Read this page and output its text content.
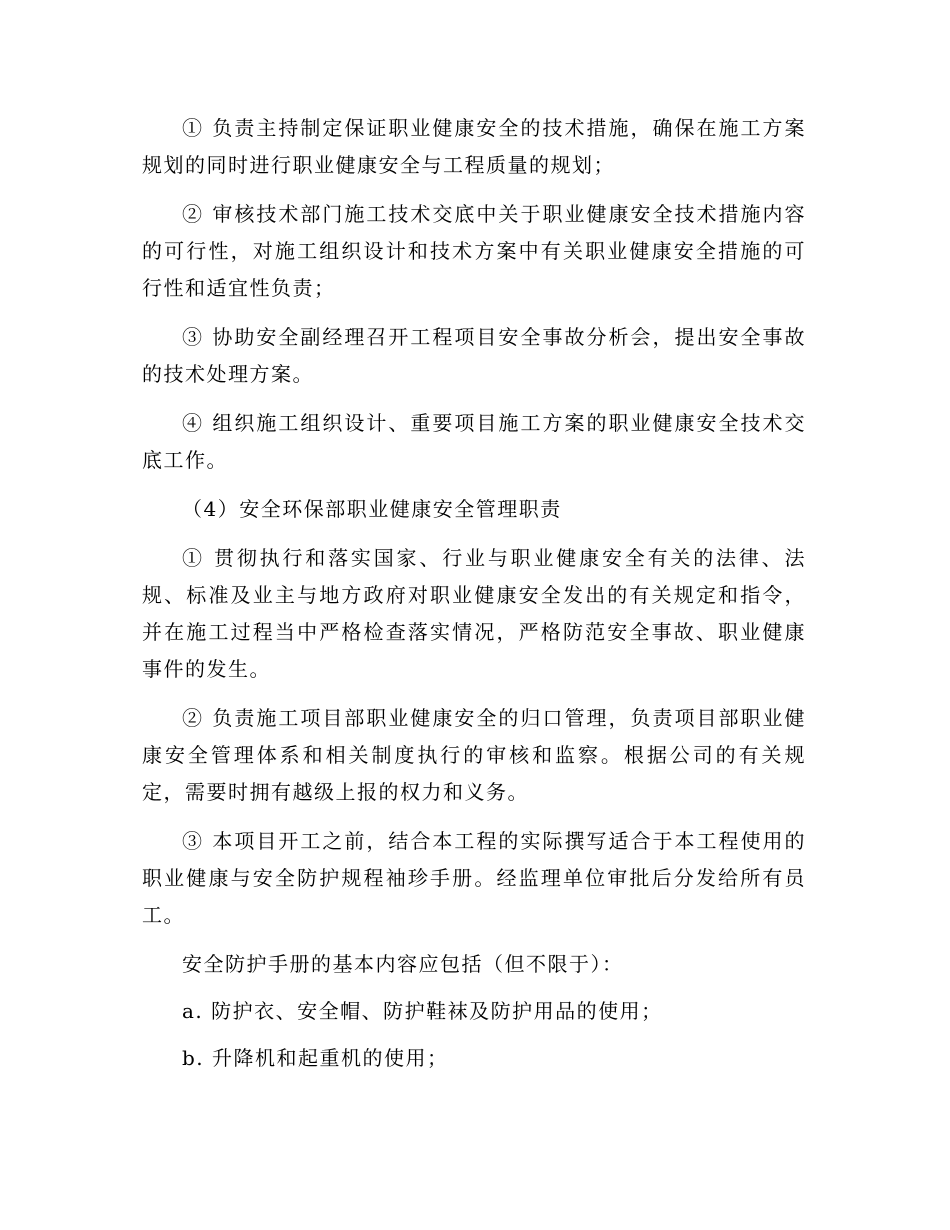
① 负责主持制定保证职业健康安全的技术措施，确保在施工方案规划的同时进行职业健康安全与工程质量的规划；

② 审核技术部门施工技术交底中关于职业健康安全技术措施内容的可行性，对施工组织设计和技术方案中有关职业健康安全措施的可行性和适宜性负责；

③ 协助安全副经理召开工程项目安全事故分析会，提出安全事故的技术处理方案。

④ 组织施工组织设计、重要项目施工方案的职业健康安全技术交底工作。

（4）安全环保部职业健康安全管理职责

① 贯彻执行和落实国家、行业与职业健康安全有关的法律、法规、标准及业主与地方政府对职业健康安全发出的有关规定和指令，并在施工过程当中严格检查落实情况，严格防范安全事故、职业健康事件的发生。

② 负责施工项目部职业健康安全的归口管理，负责项目部职业健康安全管理体系和相关制度执行的审核和监察。根据公司的有关规定，需要时拥有越级上报的权力和义务。

③ 本项目开工之前，结合本工程的实际撰写适合于本工程使用的职业健康与安全防护规程袖珍手册。经监理单位审批后分发给所有员工。

安全防护手册的基本内容应包括（但不限于）：

a. 防护衣、安全帽、防护鞋袜及防护用品的使用；

b. 升降机和起重机的使用；
